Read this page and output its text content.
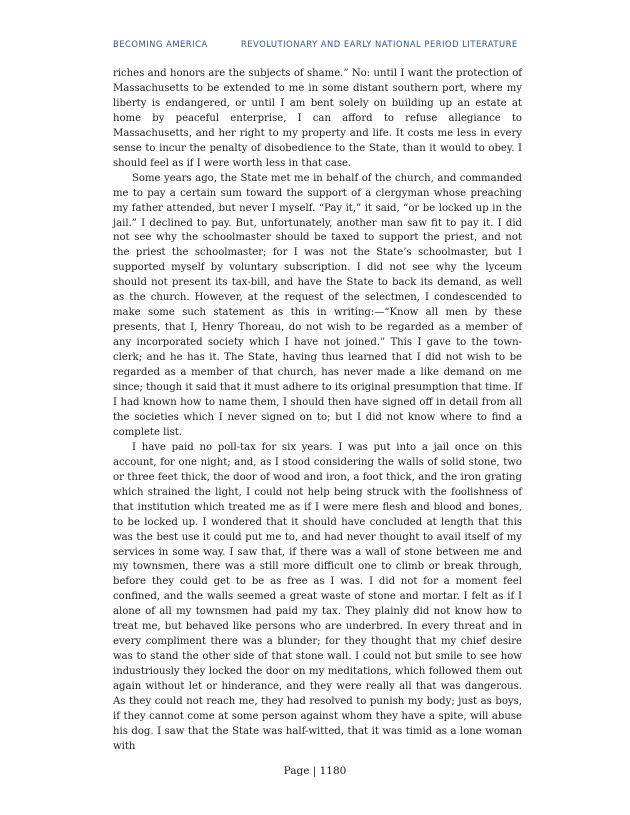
BECOMING AMERICA	REVOLUTIONARY AND EARLY NATIONAL PERIOD LITERATURE

riches and honors are the subjects of shame.” No: until I want the protection of Massachusetts to be extended to me in some distant southern port, where my liberty is endangered, or until I am bent solely on building up an estate at home by peaceful enterprise, I can afford to refuse allegiance to Massachusetts, and her right to my property and life. It costs me less in every sense to incur the penalty of disobedience to the State, than it would to obey. I should feel as if I were worth less in that case.

Some years ago, the State met me in behalf of the church, and commanded me to pay a certain sum toward the support of a clergyman whose preaching my father attended, but never I myself. “Pay it,” it said, “or be locked up in the jail.” I declined to pay. But, unfortunately, another man saw fit to pay it. I did not see why the schoolmaster should be taxed to support the priest, and not the priest the schoolmaster; for I was not the State’s schoolmaster, but I supported myself by voluntary subscription. I did not see why the lyceum should not present its tax-bill, and have the State to back its demand, as well as the church. However, at the request of the selectmen, I condescended to make some such statement as this in writing:—“Know all men by these presents, that I, Henry Thoreau, do not wish to be regarded as a member of any incorporated society which I have not joined.” This I gave to the town-clerk; and he has it. The State, having thus learned that I did not wish to be regarded as a member of that church, has never made a like demand on me since; though it said that it must adhere to its original presumption that time. If I had known how to name them, I should then have signed off in detail from all the societies which I never signed on to; but I did not know where to find a complete list.

I have paid no poll-tax for six years. I was put into a jail once on this account, for one night; and, as I stood considering the walls of solid stone, two or three feet thick, the door of wood and iron, a foot thick, and the iron grating which strained the light, I could not help being struck with the foolishness of that institution which treated me as if I were mere flesh and blood and bones, to be locked up. I wondered that it should have concluded at length that this was the best use it could put me to, and had never thought to avail itself of my services in some way. I saw that, if there was a wall of stone between me and my townsmen, there was a still more difficult one to climb or break through, before they could get to be as free as I was. I did not for a moment feel confined, and the walls seemed a great waste of stone and mortar. I felt as if I alone of all my townsmen had paid my tax. They plainly did not know how to treat me, but behaved like persons who are underbred. In every threat and in every compliment there was a blunder; for they thought that my chief desire was to stand the other side of that stone wall. I could not but smile to see how industriously they locked the door on my meditations, which followed them out again without let or hinderance, and they were really all that was dangerous. As they could not reach me, they had resolved to punish my body; just as boys, if they cannot come at some person against whom they have a spite, will abuse his dog. I saw that the State was half-witted, that it was timid as a lone woman with

Page | 1180
